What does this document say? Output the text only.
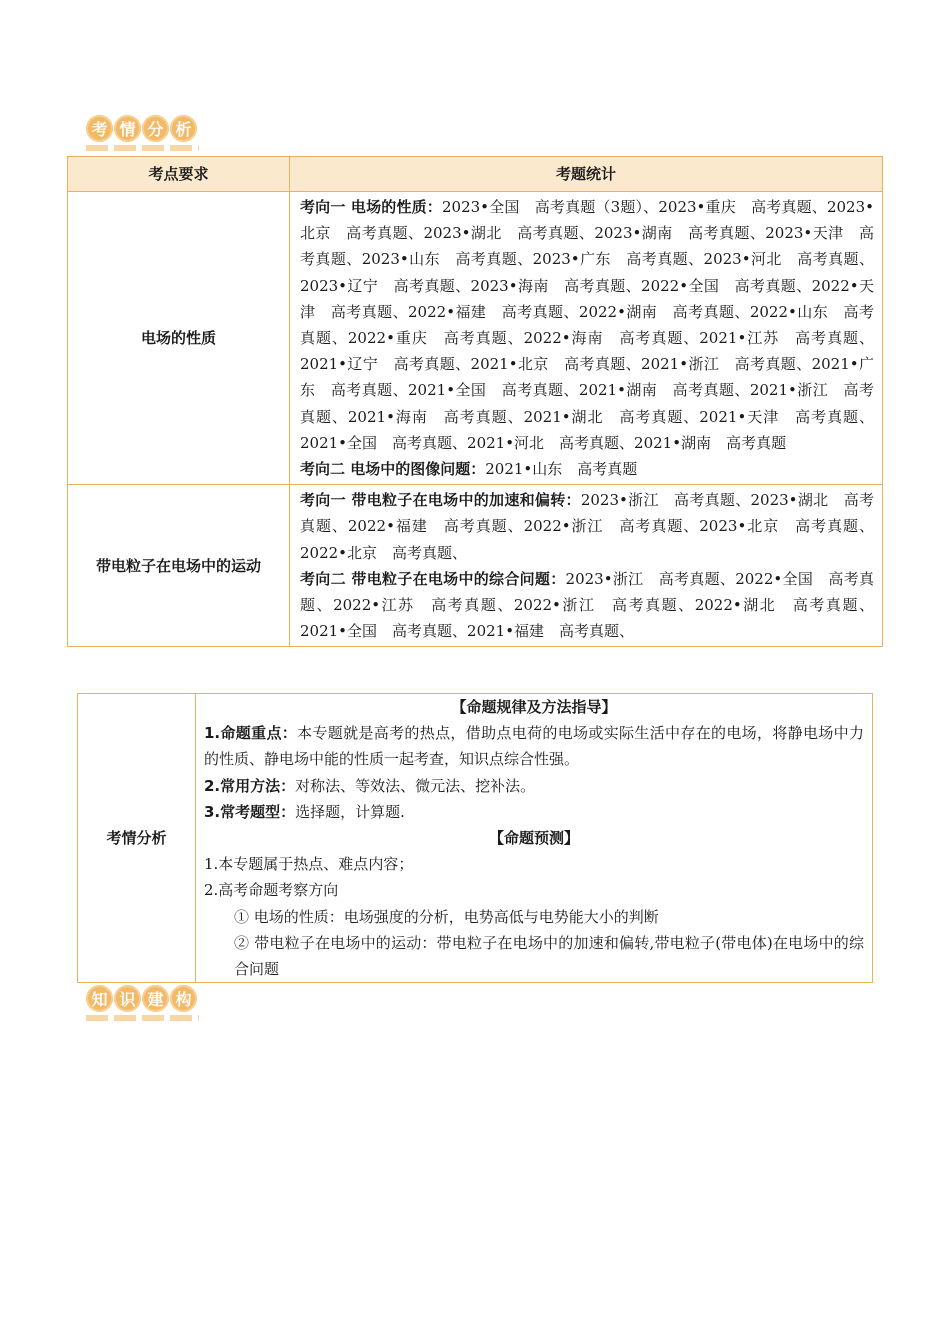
考 情 分 析
考点要求	考题统计
电场的性质	考向一 电场的性质：2023•全国　高考真题（3题）、2023•重庆　高考真题、2023•北京　高考真题、2023•湖北　高考真题、2023•湖南　高考真题、2023•天津　高考真题、2023•山东　高考真题、2023•广东　高考真题、2023•河北　高考真题、2023•辽宁　高考真题、2023•海南　高考真题、2022•全国　高考真题、2022•天津　高考真题、2022•福建　高考真题、2022•湖南　高考真题、2022•山东　高考真题、2022•重庆　高考真题、2022•海南　高考真题、2021•江苏　高考真题、2021•辽宁　高考真题、2021•北京　高考真题、2021•浙江　高考真题、2021•广东　高考真题、2021•全国　高考真题、2021•湖南　高考真题、2021•浙江　高考真题、2021•海南　高考真题、2021•湖北　高考真题、2021•天津　高考真题、2021•全国　高考真题、2021•河北　高考真题、2021•湖南　高考真题

考向二 电场中的图像问题：2021•山东　高考真题

带电粒子在电场中的运动	考向一 带电粒子在电场中的加速和偏转：2023•浙江　高考真题、2023•湖北　高考真题、2022•福建　高考真题、2022•浙江　高考真题、2023•北京　高考真题、2022•北京　高考真题、

考向二 带电粒子在电场中的综合问题：2023•浙江　高考真题、2022•全国　高考真题、2022•江苏　高考真题、2022•浙江　高考真题、2022•湖北　高考真题、2021•全国　高考真题、2021•福建　高考真题、

考情分析	

【命题规律及方法指导】

1.命题重点：本专题就是高考的热点，借助点电荷的电场或实际生活中存在的电场，将静电场中力的性质、静电场中能的性质一起考查，知识点综合性强。

2.常用方法：对称法、等效法、微元法、挖补法。

3.常考题型：选择题，计算题.

【命题预测】

1.本专题属于热点、难点内容；

2.高考命题考察方向

① 电场的性质：电场强度的分析，电势高低与电势能大小的判断

② 带电粒子在电场中的运动：带电粒子在电场中的加速和偏转,带电粒子(带电体)在电场中的综合问题

知 识 建 构
